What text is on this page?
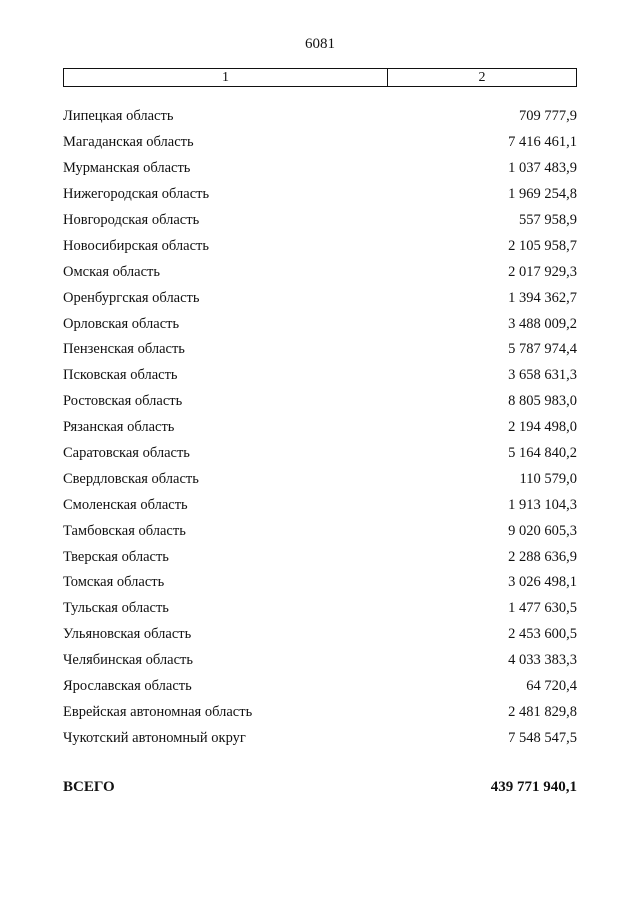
6081
1	2
Липецкая область	709 777,9
Магаданская область	7 416 461,1
Мурманская область	1 037 483,9
Нижегородская область	1 969 254,8
Новгородская область	557 958,9
Новосибирская область	2 105 958,7
Омская область	2 017 929,3
Оренбургская область	1 394 362,7
Орловская область	3 488 009,2
Пензенская область	5 787 974,4
Псковская область	3 658 631,3
Ростовская область	8 805 983,0
Рязанская область	2 194 498,0
Саратовская область	5 164 840,2
Свердловская область	110 579,0
Смоленская область	1 913 104,3
Тамбовская область	9 020 605,3
Тверская область	2 288 636,9
Томская область	3 026 498,1
Тульская область	1 477 630,5
Ульяновская область	2 453 600,5
Челябинская область	4 033 383,3
Ярославская область	64 720,4
Еврейская автономная область	2 481 829,8
Чукотский автономный округ	7 548 547,5
ВСЕГО	439 771 940,1
